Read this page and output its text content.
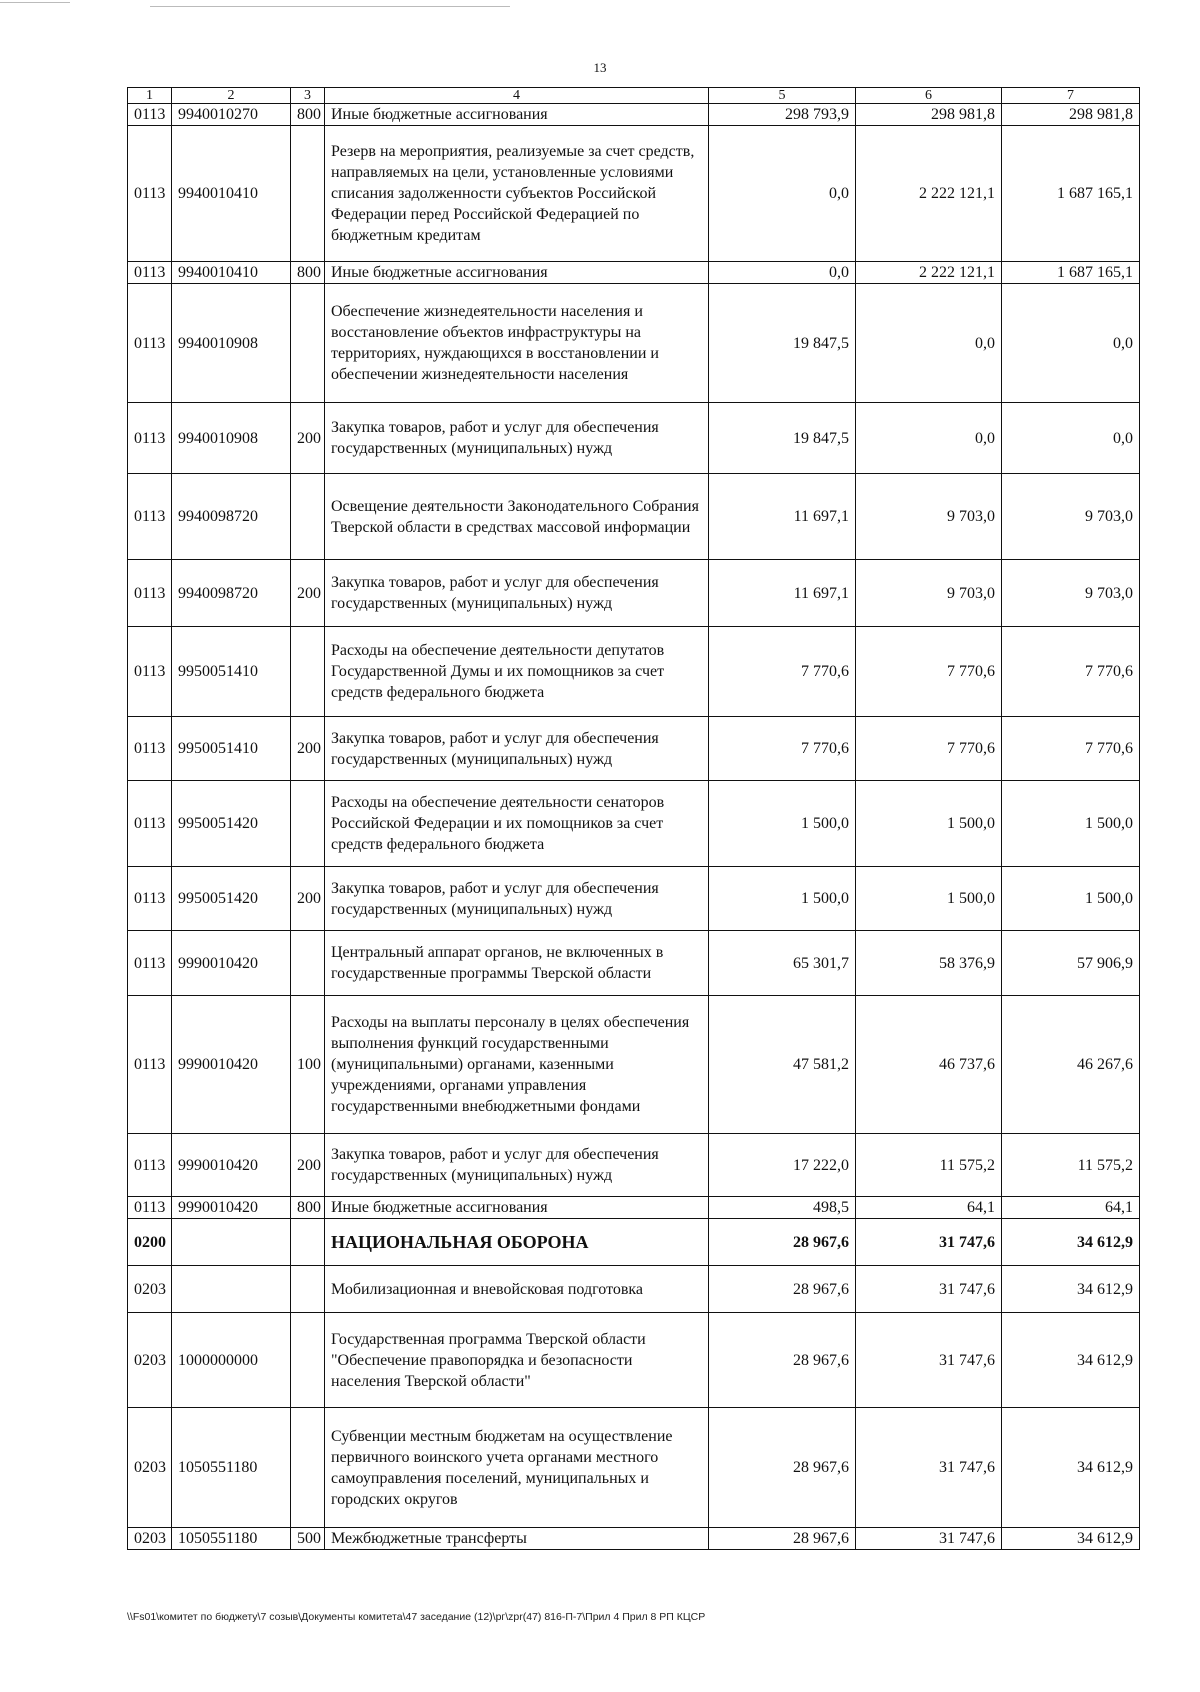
13
1	2	3	4	5	6	7
0113	9940010270	800	Иные бюджетные ассигнования	298 793,9	298 981,8	298 981,8
0113	9940010410		Резерв на мероприятия, реализуемые за счет средств, направляемых на цели, установленные условиями списания задолженности субъектов Российской Федерации перед Российской Федерацией по бюджетным кредитам	0,0	2 222 121,1	1 687 165,1
0113	9940010410	800	Иные бюджетные ассигнования	0,0	2 222 121,1	1 687 165,1
0113	9940010908		Обеспечение жизнедеятельности населения и восстановление объектов инфраструктуры на территориях, нуждающихся в восстановлении и обеспечении жизнедеятельности населения	19 847,5	0,0	0,0
0113	9940010908	200	Закупка товаров, работ и услуг для обеспечения государственных (муниципальных) нужд	19 847,5	0,0	0,0
0113	9940098720		Освещение деятельности Законодательного Собрания Тверской области в средствах массовой информации	11 697,1	9 703,0	9 703,0
0113	9940098720	200	Закупка товаров, работ и услуг для обеспечения государственных (муниципальных) нужд	11 697,1	9 703,0	9 703,0
0113	9950051410		Расходы на обеспечение деятельности депутатов Государственной Думы и их помощников за счет средств федерального бюджета	7 770,6	7 770,6	7 770,6
0113	9950051410	200	Закупка товаров, работ и услуг для обеспечения государственных (муниципальных) нужд	7 770,6	7 770,6	7 770,6
0113	9950051420		Расходы на обеспечение деятельности сенаторов Российской Федерации и их помощников за счет средств федерального бюджета	1 500,0	1 500,0	1 500,0
0113	9950051420	200	Закупка товаров, работ и услуг для обеспечения государственных (муниципальных) нужд	1 500,0	1 500,0	1 500,0
0113	9990010420		Центральный аппарат органов, не включенных в государственные программы Тверской области	65 301,7	58 376,9	57 906,9
0113	9990010420	100	Расходы на выплаты персоналу в целях обеспечения выполнения функций государственными (муниципальными) органами, казенными учреждениями, органами управления государственными внебюджетными фондами	47 581,2	46 737,6	46 267,6
0113	9990010420	200	Закупка товаров, работ и услуг для обеспечения государственных (муниципальных) нужд	17 222,0	11 575,2	11 575,2
0113	9990010420	800	Иные бюджетные ассигнования	498,5	64,1	64,1
0200			НАЦИОНАЛЬНАЯ ОБОРОНА	28 967,6	31 747,6	34 612,9
0203			Мобилизационная и вневойсковая подготовка	28 967,6	31 747,6	34 612,9
0203	1000000000		Государственная программа Тверской области "Обеспечение правопорядка и безопасности населения Тверской области"	28 967,6	31 747,6	34 612,9
0203	1050551180		Субвенции местным бюджетам на осуществление первичного воинского учета органами местного самоуправления поселений, муниципальных и городских округов	28 967,6	31 747,6	34 612,9
0203	1050551180	500	Межбюджетные трансферты	28 967,6	31 747,6	34 612,9
\\Fs01\комитет по бюджету\7 созыв\Документы комитета\47 заседание (12)\рг\zpr(47) 816-П-7\Прил 4 Прил 8 РП КЦСР
